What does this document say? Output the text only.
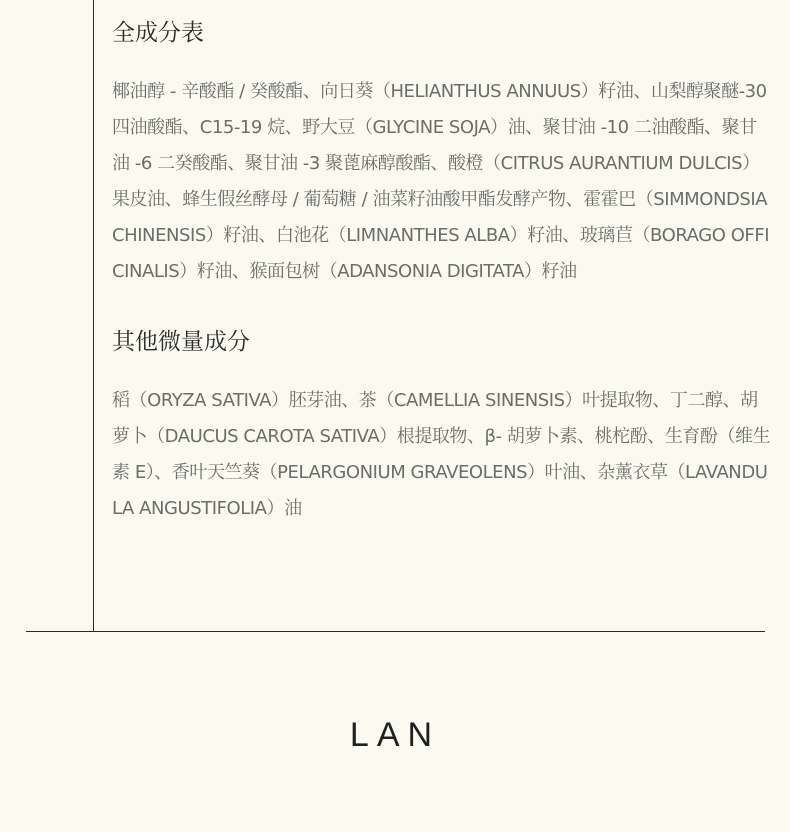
全成分表

椰油醇 - 辛酸酯 / 癸酸酯、向日葵（HELIANTHUS ANNUUS）籽油、山梨醇聚醚-30 四油酸酯、C15-19 烷、野大豆（GLYCINE SOJA）油、聚甘油 -10 二油酸酯、聚甘油 -6 二癸酸酯、聚甘油 -3 聚蓖麻醇酸酯、酸橙（CITRUS AURANTIUM DULCIS）果皮油、蜂生假丝酵母 / 葡萄糖 / 油菜籽油酸甲酯发酵产物、霍霍巴（SIMMONDSIA CHINENSIS）籽油、白池花（LIMNANTHES ALBA）籽油、玻璃苣（BORAGO OFFICINALIS）籽油、猴面包树（ADANSONIA DIGITATA）籽油

其他微量成分

稻（ORYZA SATIVA）胚芽油、茶（CAMELLIA SINENSIS）叶提取物、丁二醇、胡萝卜（DAUCUS CAROTA SATIVA）根提取物、β- 胡萝卜素、桃柁酚、生育酚（维生素 E）、香叶天竺葵（PELARGONIUM GRAVEOLENS）叶油、杂薰衣草（LAVANDULA ANGUSTIFOLIA）油

LAN
